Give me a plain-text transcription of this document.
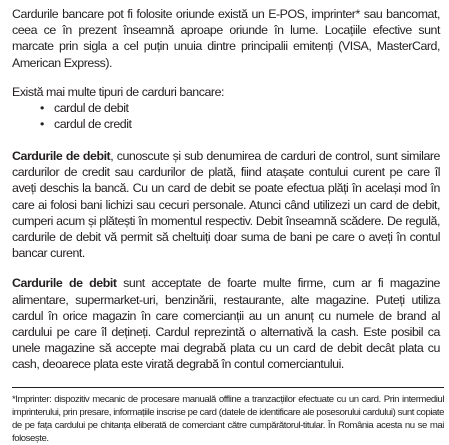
Cardurile bancare pot fi folosite oriunde există un E-POS, imprinter* sau bancomat, ceea ce în prezent înseamnă aproape oriunde în lume. Locațiile efective sunt marcate prin sigla a cel puțin unuia dintre principalii emitenți (VISA, MasterCard, American Express).

Există mai multe tipuri de carduri bancare:

• cardul de debit
• cardul de credit

Cardurile de debit, cunoscute și sub denumirea de carduri de control, sunt similare cardurilor de credit sau cardurilor de plată, fiind atașate contului curent pe care îl aveți deschis la bancă. Cu un card de debit se poate efectua plăți în același mod în care ai folosi bani lichizi sau cecuri personale. Atunci când utilizezi un card de debit, cumperi acum și plătești în momentul respectiv. Debit înseamnă scădere. De regulă, cardurile de debit vă permit să cheltuiți doar suma de bani pe care o aveți în contul bancar curent.

Cardurile de debit sunt acceptate de foarte multe firme, cum ar fi magazine alimentare, supermarket-uri, benzinării, restaurante, alte magazine. Puteți utiliza cardul în orice magazin în care comercianții au un anunț cu numele de brand al cardului pe care îl dețineți. Cardul reprezintă o alternativă la cash. Este posibil ca unele magazine să accepte mai degrabă plata cu un card de debit decât plata cu cash, deoarece plata este virată degrabă în contul comerciantului.

*Imprinter: dispozitiv mecanic de procesare manuală offline a tranzacțiilor efectuate cu un card. Prin intermediul imprinterului, prin presare, informațiile inscrise pe card (datele de identificare ale posesorului cardului) sunt copiate de pe fața cardului pe chitanța eliberată de comerciant către cumpărătorul-titular. În România acesta nu se mai folosește.
